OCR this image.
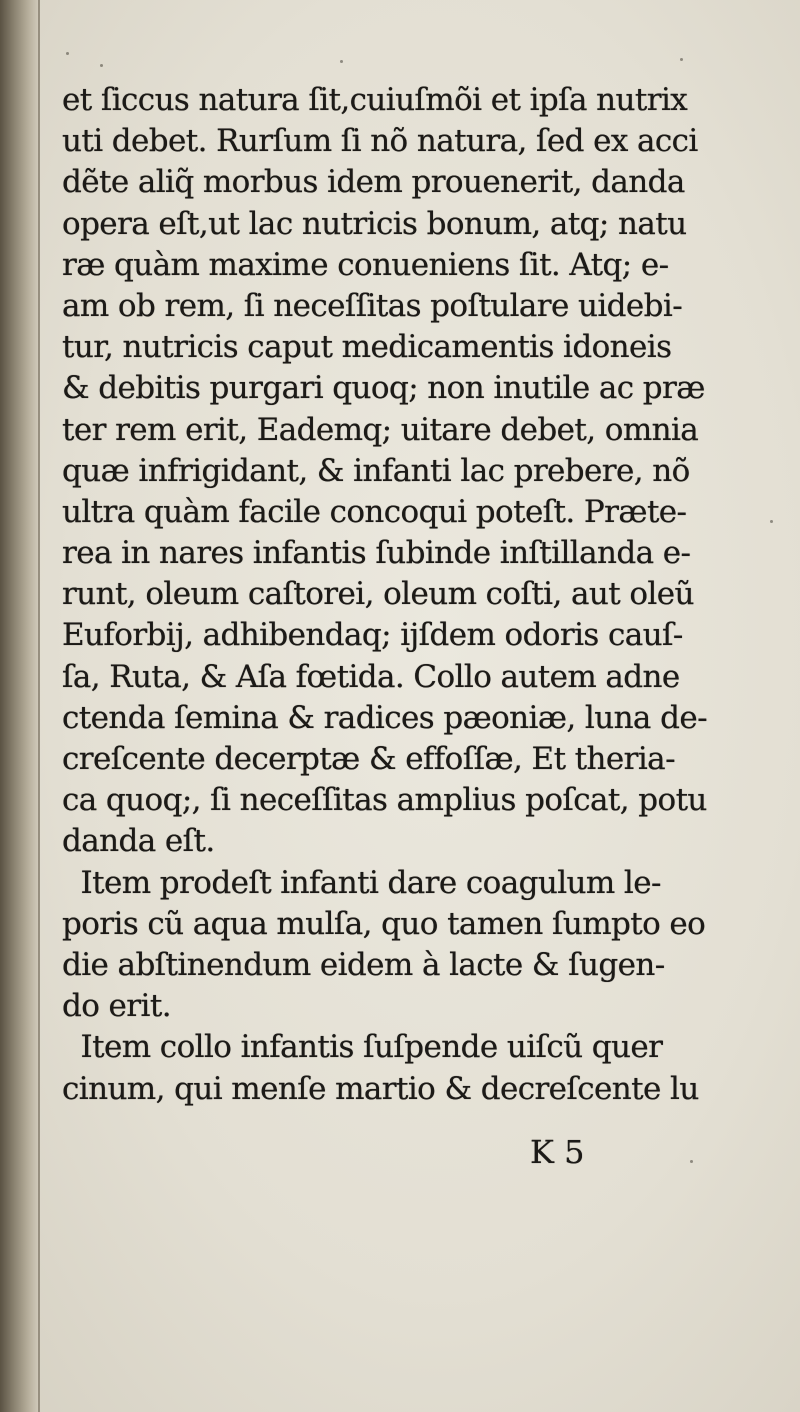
et ſiccus natura ſit,cuiuſmõi et ipſa nutrix
uti debet. Rurſum ſi nõ natura, ſed ex acci
dẽte aliq̃ morbus idem prouenerit, danda
opera eſt,ut lac nutricis bonum, atq; natu
ræ quàm maxime conueniens ſit. Atq; e-
am ob rem, ſi neceſſitas poſtulare uidebi-
tur, nutricis caput medicamentis idoneis
& debitis purgari quoq; non inutile ac præ
ter rem erit, Eademq; uitare debet, omnia
quæ infrigidant, & infanti lac prebere, nõ
ultra quàm facile concoqui poteſt. Præte-
rea in nares infantis ſubinde inſtillanda e-
runt, oleum caſtorei, oleum coſti, aut oleũ
Euforbij, adhibendaq; ijſdem odoris cauſ-
ſa, Ruta, & Aſa fœtida. Collo autem adne
ctenda ſemina & radices pæoniæ, luna de-
creſcente decerptæ & effoſſæ, Et theria-
ca quoq;, ſi neceſſitas amplius poſcat, potu
danda eſt.
Item prodeſt infanti dare coagulum le-
poris cũ aqua mulſa, quo tamen ſumpto eo
die abſtinendum eidem à lacte & ſugen-
do erit.
Item collo infantis ſuſpende uiſcũ quer
cinum, qui menſe martio & decreſcente lu
K 5
